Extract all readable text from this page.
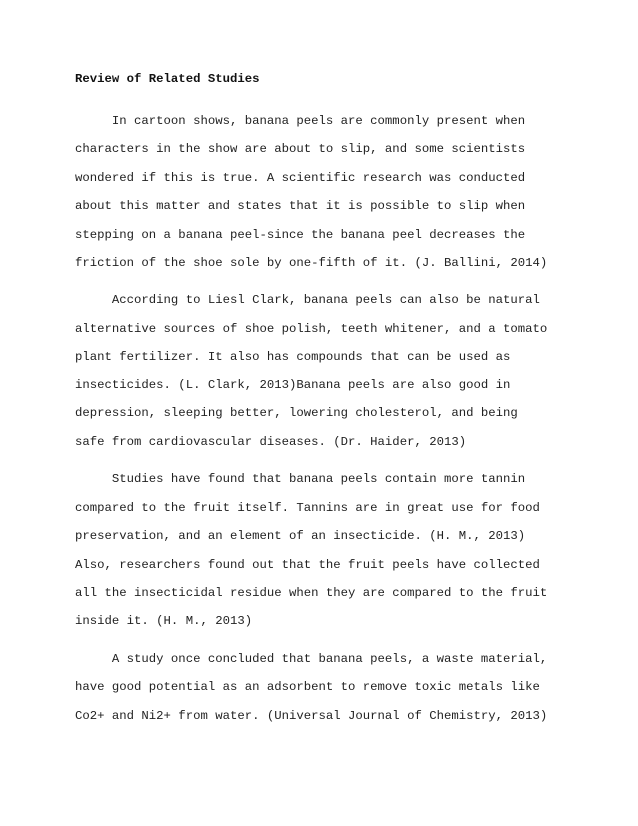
Review of Related Studies

In cartoon shows, banana peels are commonly present when

characters in the show are about to slip, and some scientists

wondered if this is true. A scientific research was conducted

about this matter and states that it is possible to slip when

stepping on a banana peel-since the banana peel decreases the

friction of the shoe sole by one-fifth of it. (J. Ballini, 2014)

According to Liesl Clark, banana peels can also be natural

alternative sources of shoe polish, teeth whitener, and a tomato

plant fertilizer. It also has compounds that can be used as

insecticides. (L. Clark, 2013)Banana peels are also good in

depression, sleeping better, lowering cholesterol, and being

safe from cardiovascular diseases. (Dr. Haider, 2013)

Studies have found that banana peels contain more tannin

compared to the fruit itself. Tannins are in great use for food

preservation, and an element of an insecticide. (H. M., 2013)

Also, researchers found out that the fruit peels have collected

all the insecticidal residue when they are compared to the fruit

inside it. (H. M., 2013)

A study once concluded that banana peels, a waste material,

have good potential as an adsorbent to remove toxic metals like

Co2+ and Ni2+ from water. (Universal Journal of Chemistry, 2013)
